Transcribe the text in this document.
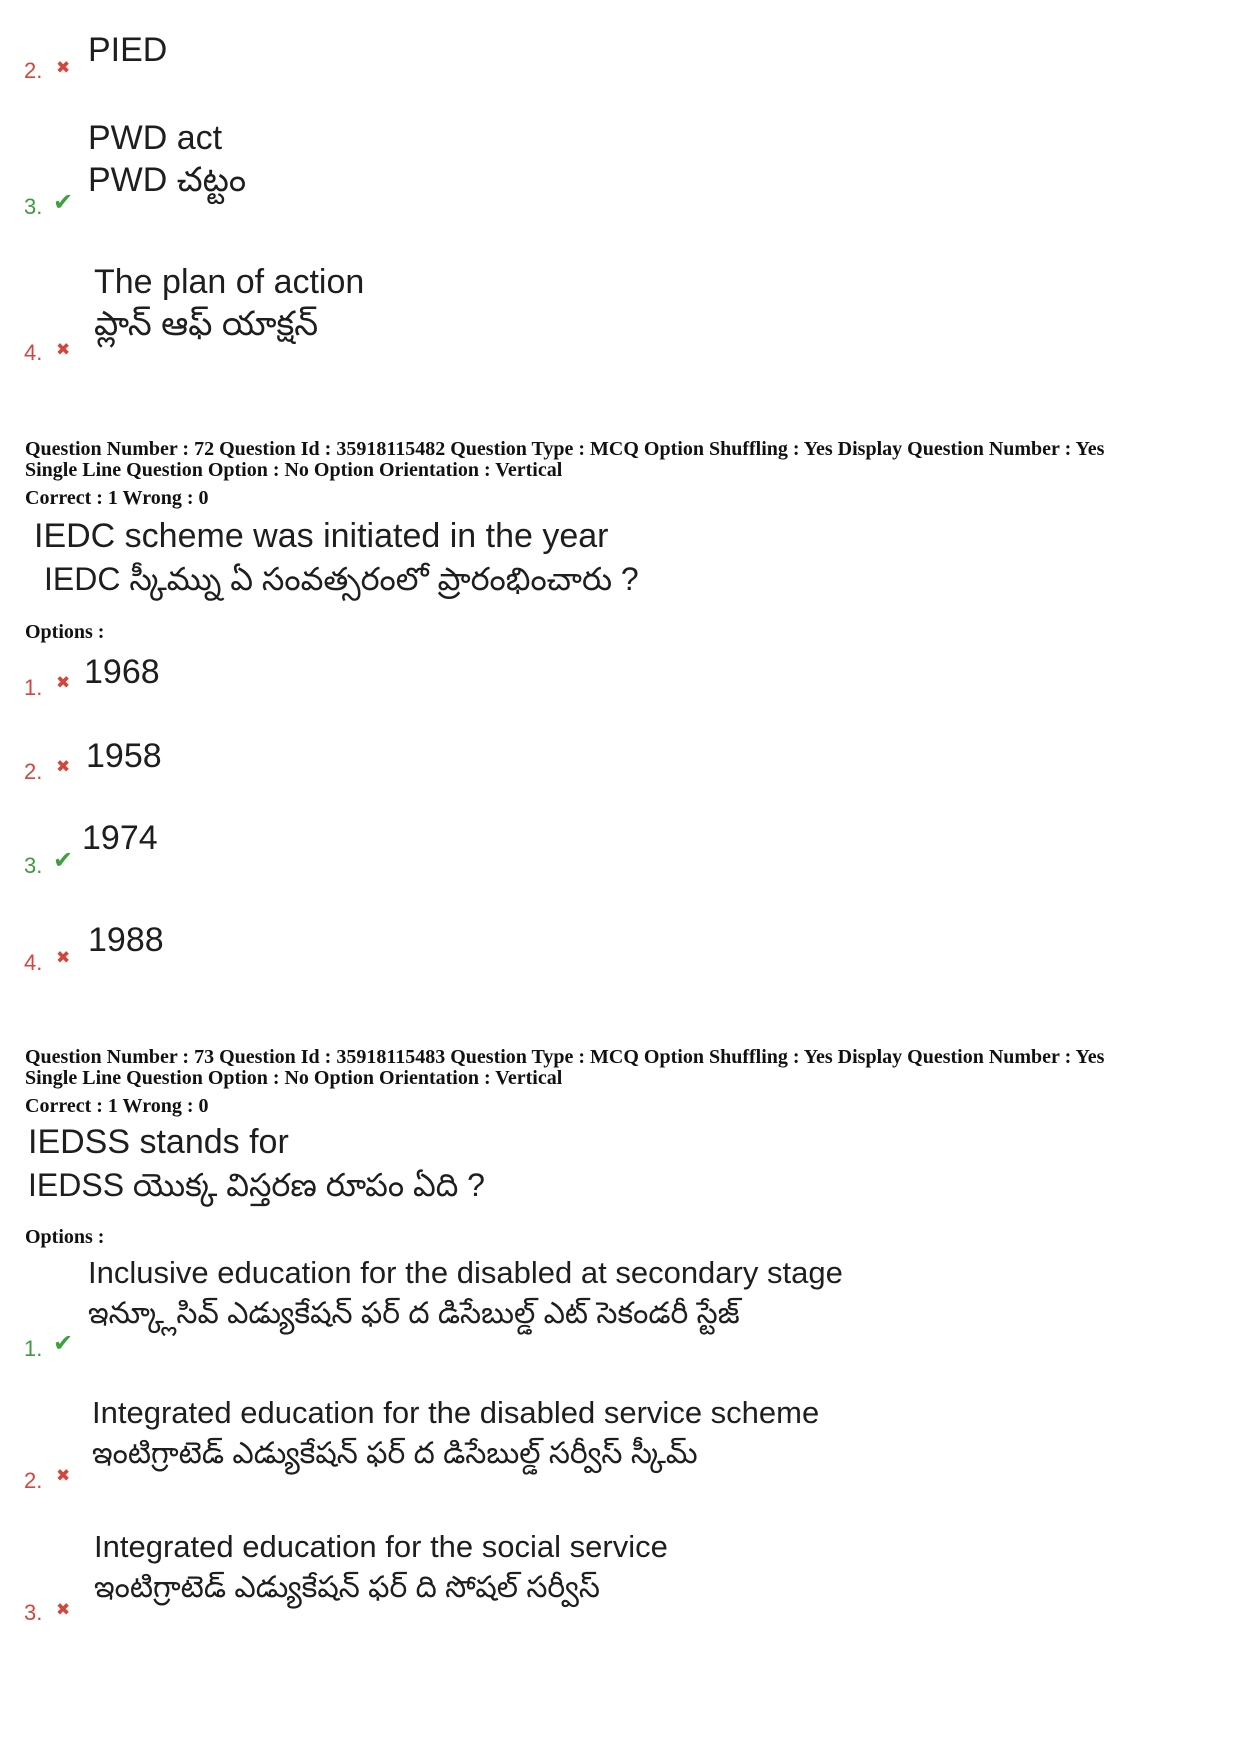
PIED
2. ✖
PWD act
PWD చట్టం
3. ✔
The plan of action
ప్లాన్ ఆఫ్ యాక్షన్
4. ✖
Question Number : 72 Question Id : 35918115482 Question Type : MCQ Option Shuffling : Yes Display Question Number : Yes
Single Line Question Option : No Option Orientation : Vertical
Correct : 1 Wrong : 0
IEDC scheme was initiated in the year
IEDC స్కీమ్ను ఏ సంవత్సరంలో ప్రారంభించారు ?
Options :
1. ✖ 1968
2. ✖ 1958
3. ✔
1974
4. ✖ 1988
Question Number : 73 Question Id : 35918115483 Question Type : MCQ Option Shuffling : Yes Display Question Number : Yes
Single Line Question Option : No Option Orientation : Vertical
Correct : 1 Wrong : 0
IEDSS stands for
IEDSS యొక్క విస్తరణ రూపం ఏది ?
Options :
Inclusive education for the disabled at secondary stage
ఇన్క్లూసివ్ ఎడ్యుకేషన్ ఫర్ ద డిసేబుల్డ్ ఎట్ సెకండరీ స్టేజ్
1. ✔
Integrated education for the disabled service scheme
ఇంటిగ్రాటెడ్ ఎడ్యుకేషన్ ఫర్ ద డిసేబుల్డ్ సర్వీస్ స్కీమ్
2. ✖
Integrated education for the social service
ఇంటిగ్రాటెడ్ ఎడ్యుకేషన్ ఫర్ ది సోషల్ సర్వీస్
3. ✖
